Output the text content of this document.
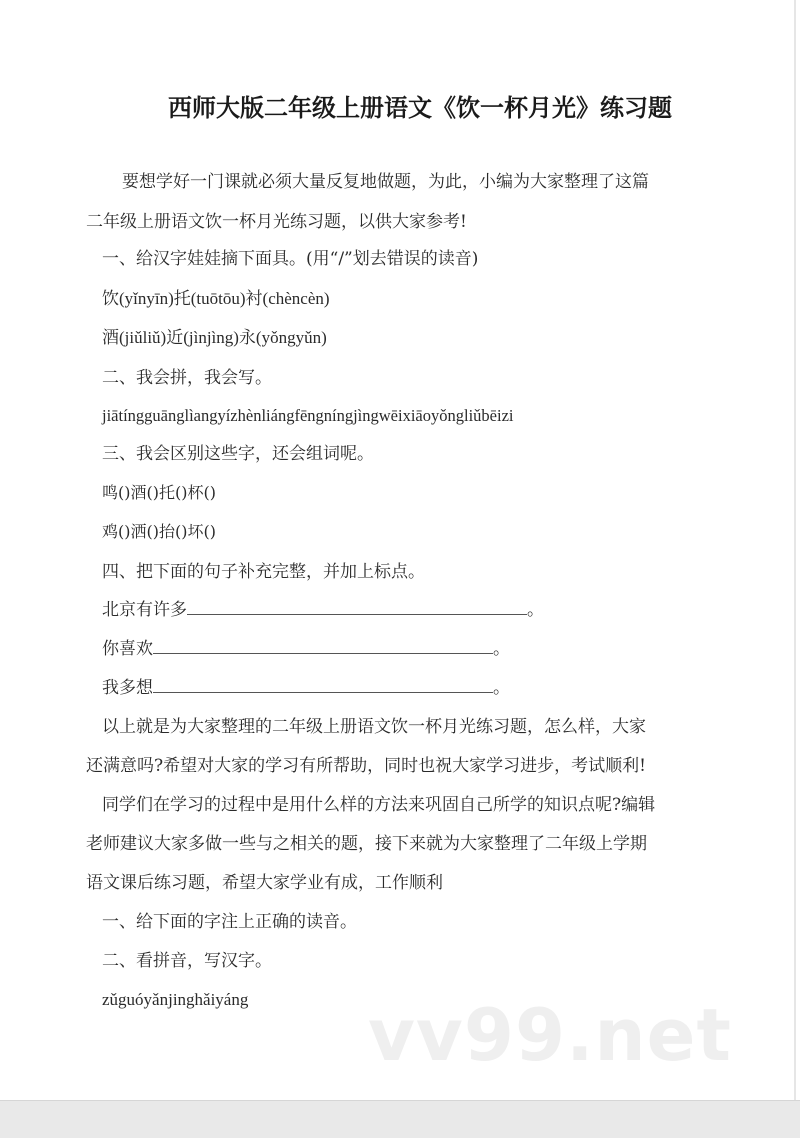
西师大版二年级上册语文《饮一杯月光》练习题
要想学好一门课就必须大量反复地做题，为此，小编为大家整理了这篇
二年级上册语文饮一杯月光练习题，以供大家参考!
一、给汉字娃娃摘下面具。(用“/”划去错误的读音)
饮(yǐnyīn)托(tuōtōu)衬(chèncèn)
酒(jiǔliǔ)近(jìnjìng)永(yǒngyǔn)
二、我会拼，我会写。
jiātíngguānglìangyízhènliángfēngníngjìngwēixiāoyǒngliǔbēizi
三、我会区别这些字，还会组词呢。
鸣()酒()托()杯()
鸡()洒()抬()坏()
四、把下面的句子补充完整，并加上标点。
北京有许多	。
你喜欢	。
我多想	。
以上就是为大家整理的二年级上册语文饮一杯月光练习题，怎么样，大家
还满意吗?希望对大家的学习有所帮助，同时也祝大家学习进步，考试顺利!
同学们在学习的过程中是用什么样的方法来巩固自己所学的知识点呢?编辑
老师建议大家多做一些与之相关的题，接下来就为大家整理了二年级上学期
语文课后练习题，希望大家学业有成，工作顺利
一、给下面的字注上正确的读音。
二、看拼音，写汉字。
zǔguóyǎnjinghǎiyáng vv99.net
